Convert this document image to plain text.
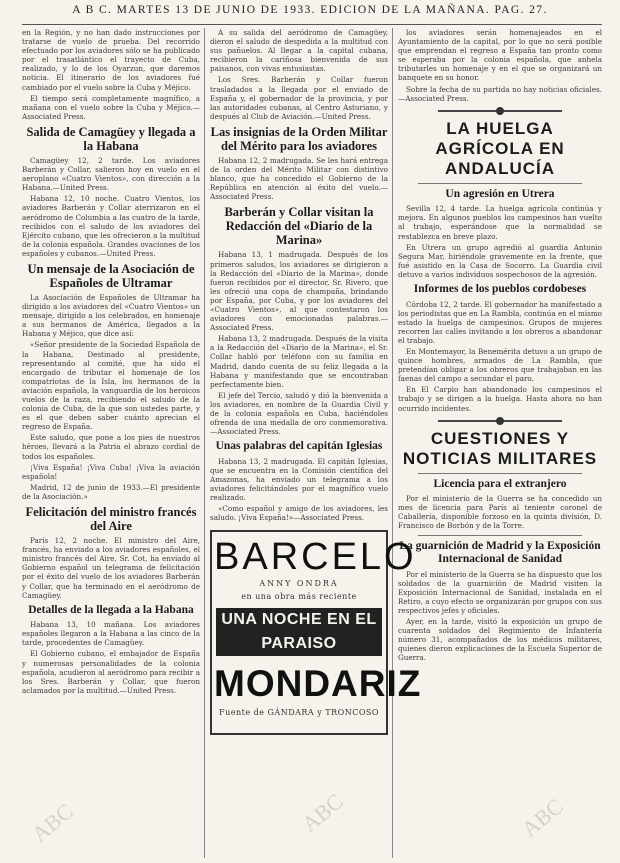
A B C. MARTES 13 DE JUNIO DE 1933. EDICION DE LA MAÑANA. PAG. 27.

en la Región, y no han dado instrucciones por tratarse de vuelo de prueba. Del recorrido efectuado por los aviadores sólo se ha publicado por el trasatlántico el trayecto de Cuba, realizado, y lo de los Oyarzun, que daremos noticia. El itinerario de los aviadores fué cambiado por el vuelo sobre la Cuba y Méjico.

El tiempo será completamente magnífico, a mañana con el vuelo sobre la Cuba y Méjico.—Associated Press.

Salida de Camagüey y llegada a la Habana

Camagüey 12, 2 tarde. Los aviadores Barberán y Collar, salieron hoy en vuelo en el aeroplano «Cuatro Vientos», con dirección a la Habana.—United Press.

Habana 12, 10 noche. Cuatro Vientos, los aviadores Barberán y Collar aterrizaron en el aeródromo de Columbia a las cuatro de la tarde, recibidos con el saludo de los aviadores del Ejército cubano, que les ofrecieron a la multitud de la colonia española. Grandes ovaciones de los españoles y cubanos.—United Press.

Un mensaje de la Asociación de Españoles de Ultramar

La Asociación de Españoles de Ultramar ha dirigido a los aviadores del «Cuatro Vientos» un mensaje, dirigido a los celebrados, en homenaje a sus hermanos de América, llegados a la Habana y Méjico, que dice así:

«Señor presidente de la Sociedad Española de la Habana, Destinado al presidente, representando al comité, que ha sido el encargado de tributar el homenaje de los compatriotas de la Isla, los hermanos de la aviación española, la vanguardia de los heroicos vuelos de la raza, recibiendo el saludo de la colonia de Cuba, de la que son ustedes parte, y es el que deben saber cuánto aprecian el regreso de España.

Este saludo, que pone a los pies de nuestros héroes, llevará a la Patria el abrazo cordial de todos los españoles.

¡Viva España! ¡Viva Cuba! ¡Viva la aviación española!

Madrid, 12 de junio de 1933.—El presidente de la Asociación.»

Felicitación del ministro francés del Aire

París 12, 2 noche. El ministro del Aire, francés, ha enviado a los aviadores españoles, el ministro francés del Aire, Sr. Cot, ha enviado al Gobierno español un telegrama de felicitación por el éxito del vuelo de los aviadores Barberán y Collar, que ha terminado en el aeródromo de Camagüey.

Detalles de la llegada a la Habana

Habana 13, 10 mañana. Los aviadores españoles llegaron a la Habana a las cinco de la tarde, procedentes de Camagüey.

El Gobierno cubano, el embajador de España y numerosas personalidades de la colonia española, acudieron al aeródromo para recibir a los Sres. Barberán y Collar, que fueron aclamados por la multitud.—United Press.

A su salida del aeródromo de Camagüey, dieron el saludo de despedida a la multitud con sus pañuelos. Al llegar a la capital cubana, recibieron la cariñosa bienvenida de sus paisanos, con vivas entusiastas.

Los Sres. Barberán y Collar fueron trasladados a la llegada por el enviado de España y, el gobernador de la provincia, y por las autoridades cubanas, al Centro Asturiano, y después al Club de Aviación.—United Press.

Las insignias de la Orden Militar del Mérito para los aviadores

Habana 12, 2 madrugada. Se les hará entrega de la orden del Mérito Militar con distintivo blanco, que ha concedido el Gobierno de la República en atención al éxito del vuelo.—Associated Press.

Barberán y Collar visitan la Redacción del «Diario de la Marina»

Habana 13, 1 madrugada. Después de los primeros saludos, los aviadores se dirigieron a la Redacción del «Diario de la Marina», donde fueron recibidos por el director, Sr. Rivero, que les ofreció una copa de champaña, brindando por España, por Cuba, y por los aviadores del «Cuatro Vientos», al que contestaron los aviadores con emocionadas palabras.—Associated Press.

Habana 13, 2 madrugada. Después de la visita a la Redacción del «Diario de la Marina», el Sr. Collar habló por teléfono con su familia en Madrid, dando cuenta de su feliz llegada a la Habana y manifestando que se encontraban perfectamente bien.

El jefe del Tercio, saludó y dió la bienvenida a los aviadores, en nombre de la Guardia Civil y de la colonia española en Cuba, haciéndoles ofrenda de una medalla de oro conmemorativa.—Associated Press.

Unas palabras del capitán Iglesias

Habana 13, 2 madrugada. El capitán Iglesias, que se encuentra en la Comisión científica del Amazonas, ha enviado un telegrama a los aviadores felicitándoles por el magnífico vuelo realizado.

«Como español y amigo de los aviadores, les saludo. ¡Viva España!»—Associated Press.

BARCELO
ANNY ONDRA
en una obra más reciente
UNA NOCHE EN EL PARAISO
MONDARIZ
Fuente de GÁNDARA y TRONCOSO

los aviadores serán homenajeados en el Ayuntamiento de la capital, por lo que no será posible que emprendan el regreso a España tan pronto como se esperaba por la colonia española, que anhela tributarles un homenaje y en el que se organizará un banquete en su honor.

Sobre la fecha de su partida no hay noticias oficiales.—Associated Press.

LA HUELGA AGRÍCOLA EN ANDALUCÍA
Un agresión en Utrera

Sevilla 12, 4 tarde. La huelga agrícola continúa y mejora. En algunos pueblos los campesinos han vuelto al trabajo, esperándose que la normalidad se restablezca en breve plazo.

En Utrera un grupo agredió al guardia Antonio Segura Mar, hiriéndole gravemente en la frente, que fué asistido en la Casa de Socorro. La Guardia civil detuvo a varios individuos sospechosos de la agresión.

Informes de los pueblos cordobeses

Córdoba 12, 2 tarde. El gobernador ha manifestado a los periodistas que en La Rambla, continúa en el mismo estado la huelga de campesinos. Grupos de mujeres recorren las calles invitando a los obreros a abandonar el trabajo.

En Montemayor, la Benemérita detuvo a un grupo de quince hombres, armados de La Rambla, que pretendían obligar a los obreros que trabajaban en las faenas del campo a secundar el paro.

En El Carpio han abandonado los campesinos el trabajo y se dirigen a la huelga. Hasta ahora no han ocurrido incidentes.

CUESTIONES Y NOTICIAS MILITARES
Licencia para el extranjero

Por el ministerio de la Guerra se ha concedido un mes de licencia para París al teniente coronel de Caballería, disponible forzoso en la quinta división, D. Francisco de Borbón y de la Torre.

La guarnición de Madrid y la Exposición Internacional de Sanidad

Por el ministerio de la Guerra se ha dispuesto que los soldados de la guarnición de Madrid visiten la Exposición Internacional de Sanidad, instalada en el Retiro, a cuyo efecto se organizarán por grupos con sus respectivos jefes y oficiales.

Ayer, en la tarde, visitó la exposición un grupo de cuarenta soldados del Regimiento de Infantería número 31, acompañados de los médicos militares, quienes dieron explicaciones de la Escuela Superior de Guerra.

ABC	ABC	ABC
